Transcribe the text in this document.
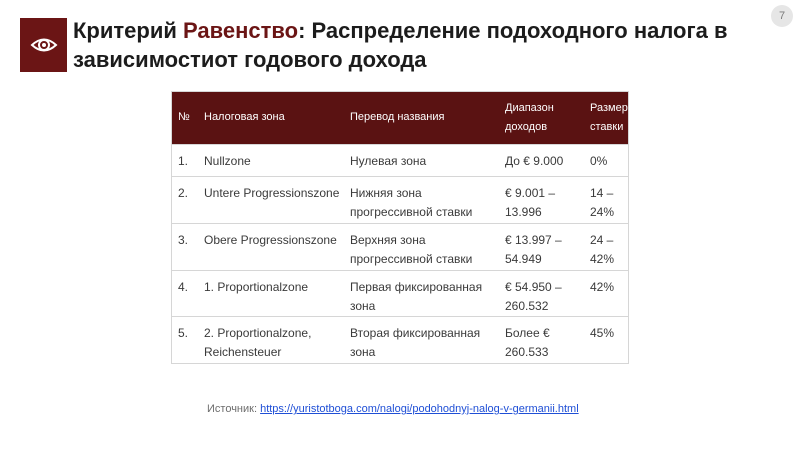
Критерий Равенство: Распределение подоходного налога в зависимостиот годового дохода
7
№	Налоговая зона	Перевод названия	Диапазон доходов	Размер ставки
1.	Nullzone	Нулевая зона	До € 9.000	0%
2.	Untere Progressionszone	Нижняя зона прогрессивной ставки	€ 9.001 – 13.996	14 – 24%
3.	Obere Progressionszone	Верхняя зона прогрессивной ставки	€ 13.997 – 54.949	24 – 42%
4.	1. Proportionalzone	Первая фиксированная зона	€ 54.950 – 260.532	42%
5.	2. Proportionalzone, Reichensteuer	Вторая фиксированная зона	Более € 260.533	45%
Источник: https://yuristotboga.com/nalogi/podohodnyj-nalog-v-germanii.html
